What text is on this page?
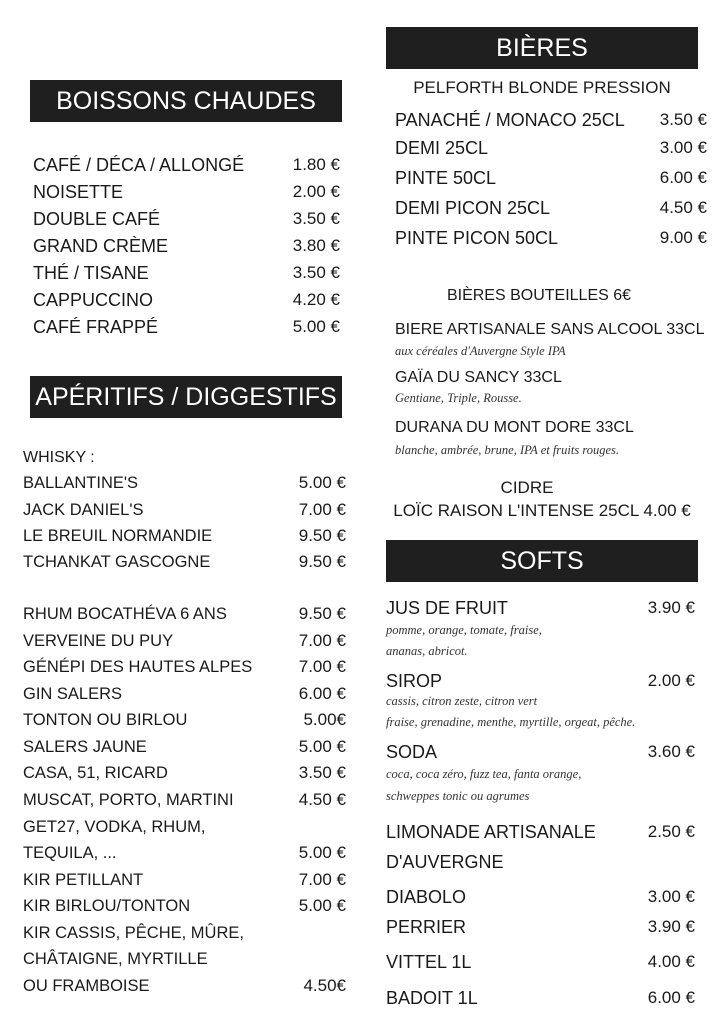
BOISSONS CHAUDES
CAFÉ / DÉCA / ALLONGÉ	1.80 €
NOISETTE	2.00 €
DOUBLE CAFÉ	3.50 €
GRAND CRÈME	3.80 €
THÉ / TISANE	3.50 €
CAPPUCCINO	4.20 €
CAFÉ FRAPPÉ	5.00 €
APÉRITIFS / DIGGESTIFS
WHISKY :
BALLANTINE'S	5.00 €
JACK DANIEL'S	7.00 €
LE BREUIL NORMANDIE	9.50 €
TCHANKAT GASCOGNE	9.50 €
RHUM BOCATHÉVA 6 ANS	9.50 €
VERVEINE DU PUY	7.00 €
GÉNÉPI DES HAUTES ALPES	7.00 €
GIN SALERS	6.00 €
TONTON OU BIRLOU	5.00€
SALERS JAUNE	5.00 €
CASA, 51, RICARD	3.50 €
MUSCAT, PORTO, MARTINI	4.50 €
GET27, VODKA, RHUM,
TEQUILA, ...	5.00 €
KIR PETILLANT	7.00 €
KIR BIRLOU/TONTON	5.00 €
KIR CASSIS, PÊCHE, MÛRE,
CHÂTAIGNE, MYRTILLE
OU FRAMBOISE	4.50€
BIÈRES
PELFORTH BLONDE PRESSION
PANACHÉ / MONACO 25CL 3.50 €
DEMI 25CL	3.00 €
PINTE 50CL	6.00 €
DEMI PICON 25CL	4.50 €
PINTE PICON 50CL	9.00 €
BIÈRES BOUTEILLES 6€
BIERE ARTISANALE SANS ALCOOL 33CL
aux céréales d'Auvergne Style IPA
GAÏA DU SANCY 33CL
Gentiane, Triple, Rousse.
DURANA DU MONT DORE 33CL
blanche, ambrée, brune, IPA et fruits rouges.
CIDRE
LOÏC RAISON L'INTENSE 25CL 4.00 €
SOFTS
JUS DE FRUIT	3.90 €
pomme, orange, tomate, fraise,
ananas, abricot.
SIROP	2.00 €
cassis, citron zeste, citron vert
fraise, grenadine, menthe, myrtille, orgeat, pêche.
SODA	3.60 €
coca, coca zéro, fuzz tea, fanta orange,
schweppes tonic ou agrumes
LIMONADE ARTISANALE	2.50 €
D'AUVERGNE
DIABOLO	3.00 €
PERRIER	3.90 €
VITTEL 1L	4.00 €
BADOIT 1L	6.00 €
